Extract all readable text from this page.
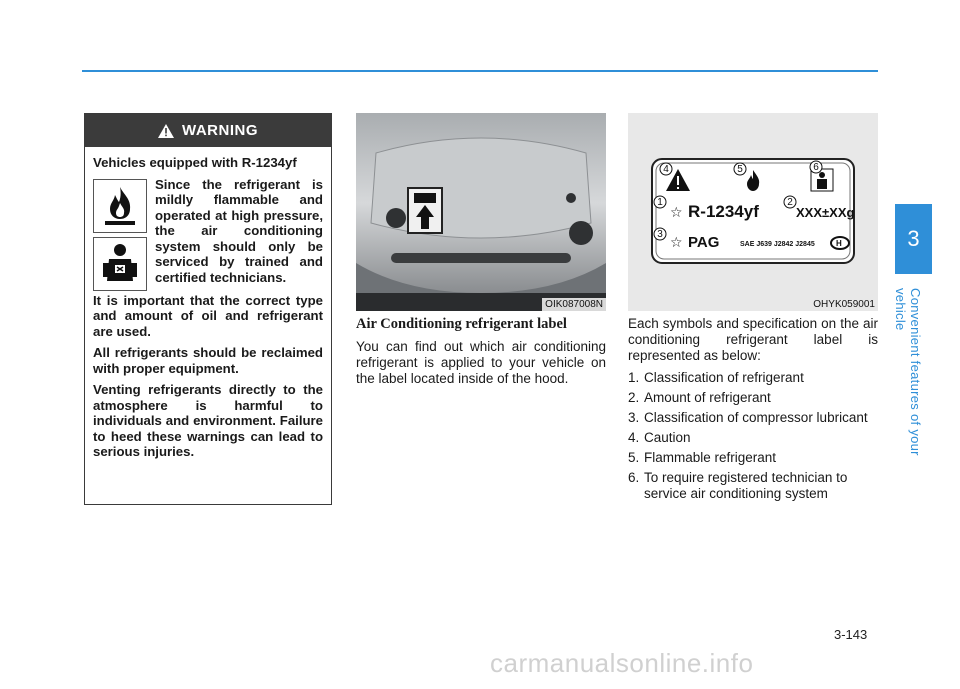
WARNING

Vehicles equipped with R-1234yf

Since the refrigerant is mildly flammable and operated at high pressure, the air conditioning system should only be serviced by trained and certified technicians.

It is important that the correct type and amount of oil and refrigerant are used.

All refrigerants should be reclaimed with proper equipment.

Venting refrigerants directly to the atmosphere is harmful to individuals and environment. Failure to heed these warnings can lead to serious injuries.

OIK087008N
☆
☆
1	2
3
4	5	6
R-1234yf	XXX±XXg
PAG	SAE J639 J2842 J2845	H
OHYK059001

Air Conditioning refrigerant label

You can find out which air conditioning refrigerant is applied to your vehicle on the label located inside of the hood.

Each symbols and specification on the air conditioning refrigerant label is represented as below:

1. Classification of refrigerant
2. Amount of refrigerant
3. Classification of compressor lubricant
4. Caution
5. Flammable refrigerant
6. To require registered technician to service air conditioning system
3
Convenient features of your vehicle
3-143
carmanualsonline.info
